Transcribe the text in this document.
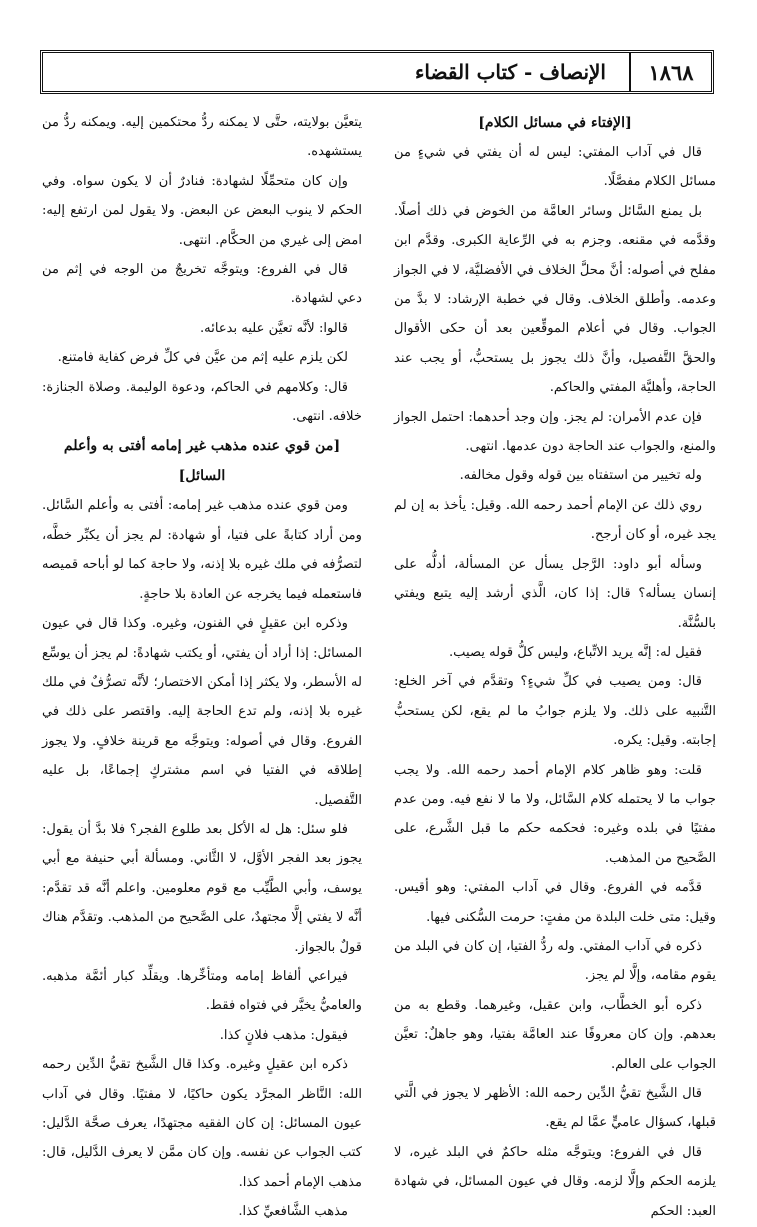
١٨٦٨
الإنصاف - كتاب القضاء

[الإفتاء في مسائل الكلام]

قال في آداب المفتي: ليس له أن يفتي في شيءٍ من مسائل الكلام مفصَّلًا.

بل يمنع السَّائل وسائر العامَّة من الخوض في ذلك أصلًا. وقدَّمه في مقنعه. وجزم به في الرِّعاية الكبرى. وقدَّم ابن مفلح في أصوله: أنَّ محلَّ الخلاف في الأفضليَّة، لا في الجواز وعدمه. وأطلق الخلاف. وقال في خطبة الإرشاد: لا بدَّ من الجواب. وقال في أعلام الموقِّعين بعد أن حكى الأقوال والحقَّ التَّفصيل، وأنَّ ذلك يجوز بل يستحبُّ، أو يجب عند الحاجة، وأهليَّة المفتي والحاكم.

فإن عدم الأمران: لم يجز. وإن وجد أحدهما: احتمل الجواز والمنع، والجواب عند الحاجة دون عدمها. انتهى.

وله تخيير من استفتاه بين قوله وقول مخالفه.

روي ذلك عن الإمام أحمد رحمه الله. وقيل: يأخذ به إن لم يجد غيره، أو كان أرجح.

وسأله أبو داود: الرَّجل يسأل عن المسألة، أدلُّه على إنسان يسأله؟ قال: إذا كان، الَّذي أرشد إليه يتبع ويفتي بالسُّنَّة.

فقيل له: إنَّه يريد الاتِّباع، وليس كلُّ قوله يصيب.

قال: ومن يصيب في كلِّ شيءٍ؟ وتقدَّم في آخر الخلع: التَّنبيه على ذلك. ولا يلزم جوابُ ما لم يقع، لكن يستحبُّ إجابته. وقيل: يكره.

قلت: وهو ظاهر كلام الإمام أحمد رحمه الله. ولا يجب جواب ما لا يحتمله كلام السَّائل، ولا ما لا نفع فيه. ومن عدم مفتيًا في بلده وغيره: فحكمه حكم ما قبل الشَّرع، على الصَّحيح من المذهب.

قدَّمه في الفروع. وقال في آداب المفتي: وهو أقيس. وقيل: متى خلت البلدة من مفتٍ: حرمت السُّكنى فيها.

ذكره في آداب المفتي. وله ردُّ الفتيا، إن كان في البلد من يقوم مقامه، وإلَّا لم يجز.

ذكره أبو الخطَّاب، وابن عقيل، وغيرهما. وقطع به من بعدهم. وإن كان معروفًا عند العامَّة بفتيا، وهو جاهلٌ: تعيَّن الجواب على العالم.

قال الشَّيخ تقيُّ الدِّين رحمه الله: الأظهر لا يجوز في الَّتي قبلها، كسؤال عاميٍّ عمَّا لم يقع.

قال في الفروع: ويتوجَّه مثله حاكمٌ في البلد غيره، لا يلزمه الحكم وإلَّا لزمه. وقال في عيون المسائل، في شهادة العبد: الحكم

يتعيَّن بولايته، حتَّى لا يمكنه ردُّ محتكمين إليه. ويمكنه ردُّ من يستشهده.

وإن كان متحمِّلًا لشهادة: فنادرٌ أن لا يكون سواه. وفي الحكم لا ينوب البعض عن البعض. ولا يقول لمن ارتفع إليه: امض إلى غيري من الحكَّام. انتهى.

قال في الفروع: ويتوجَّه تخريجٌ من الوجه في إثم من دعي لشهادة.

قالوا: لأنَّه تعيَّن عليه بدعائه.

لكن يلزم عليه إثم من عيَّن في كلِّ فرض كفاية فامتنع.

قال: وكلامهم في الحاكم، ودعوة الوليمة. وصلاة الجنازة: خلافه. انتهى.

[من قوي عنده مذهب غير إمامه أفتى به وأعلم السائل]

ومن قوي عنده مذهب غير إمامه: أفتى به وأعلم السَّائل. ومن أراد كتابةً على فتيا، أو شهادة: لم يجز أن يكبِّر خطَّه، لتصرُّفه في ملك غيره بلا إذنه، ولا حاجة كما لو أباحه قميصه فاستعمله فيما يخرجه عن العادة بلا حاجةٍ.

وذكره ابن عقيلٍ في الفنون، وغيره. وكذا قال في عيون المسائل: إذا أراد أن يفتي، أو يكتب شهادةً: لم يجز أن يوسِّع له الأسطر، ولا يكثر إذا أمكن الاختصار؛ لأنَّه تصرُّفٌ في ملك غيره بلا إذنه، ولم تدع الحاجة إليه. واقتصر على ذلك في الفروع. وقال في أصوله: ويتوجَّه مع قرينة خلافٍ. ولا يجوز إطلاقه في الفتيا في اسم مشتركٍ إجماعًا، بل عليه التَّفصيل.

فلو سئل: هل له الأكل بعد طلوع الفجر؟ فلا بدَّ أن يقول: يجوز بعد الفجر الأوَّل، لا الثَّاني. ومسألة أبي حنيفة مع أبي يوسف، وأبي الطَّيِّب مع قوم معلومين. واعلم أنَّه قد تقدَّم: أنَّه لا يفتي إلَّا مجتهدٌ، على الصَّحيح من المذهب. وتقدَّم هناك قولٌ بالجواز.

فيراعي ألفاظ إمامه ومتأخِّرها. ويقلِّد كبار أئمَّة مذهبه. والعاميُّ يخيَّر في فتواه فقط.

فيقول: مذهب فلانٍ كذا.

ذكره ابن عقيلٍ وغيره. وكذا قال الشَّيخ تقيُّ الدِّين رحمه الله: النَّاظر المجرَّد يكون حاكيًا، لا مفتيًا. وقال في آداب عيون المسائل: إن كان الفقيه مجتهدًا، يعرف صحَّة الدَّليل: كتب الجواب عن نفسه. وإن كان ممَّن لا يعرف الدَّليل، قال: مذهب الإمام أحمد كذا.

مذهب الشَّافعيِّ كذا.
